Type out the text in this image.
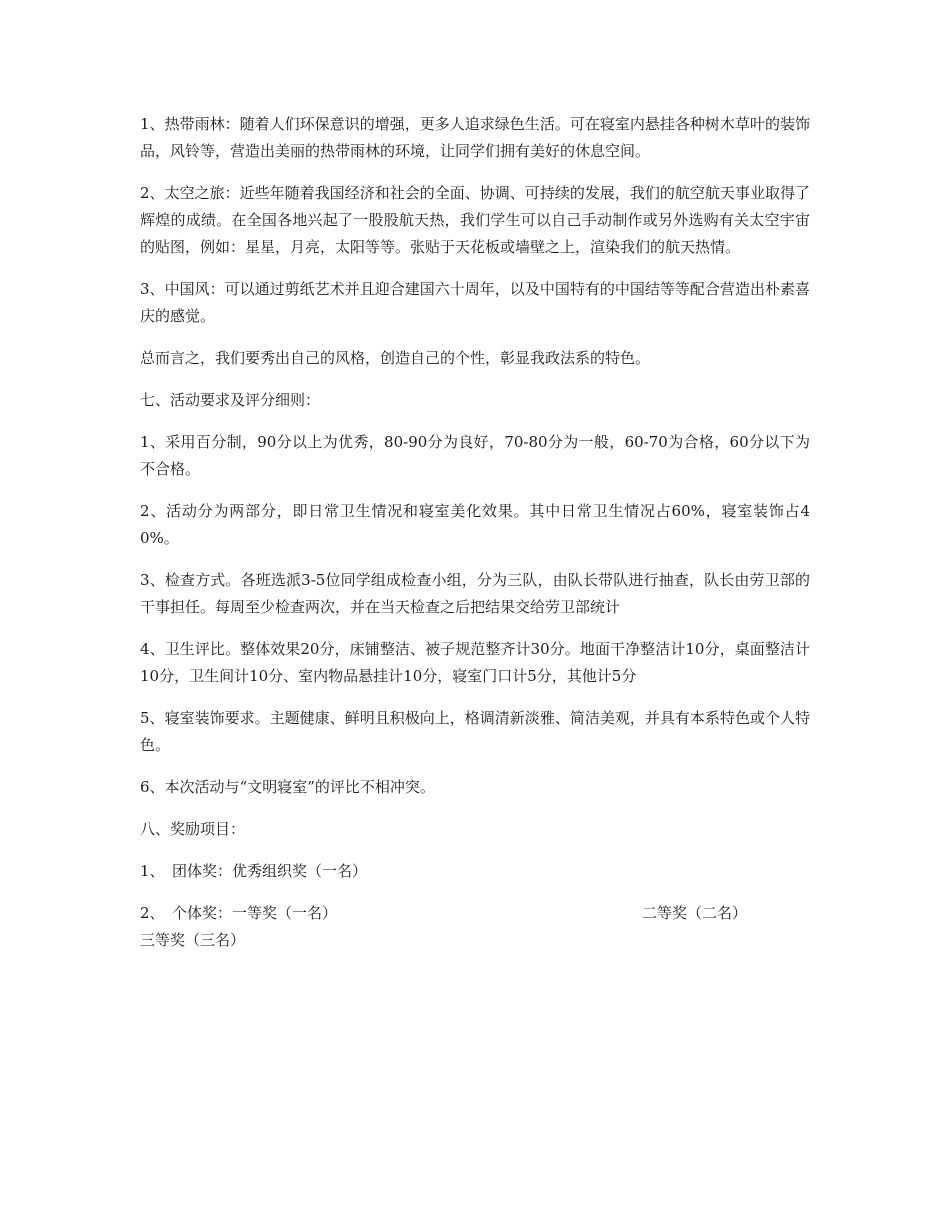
1、热带雨林：随着人们环保意识的增强，更多人追求绿色生活。可在寝室内悬挂各种树木草叶的装饰品，风铃等，营造出美丽的热带雨林的环境，让同学们拥有美好的休息空间。

2、太空之旅：近些年随着我国经济和社会的全面、协调、可持续的发展，我们的航空航天事业取得了辉煌的成绩。在全国各地兴起了一股股航天热，我们学生可以自己手动制作或另外选购有关太空宇宙的贴图，例如：星星，月亮，太阳等等。张贴于天花板或墙壁之上，渲染我们的航天热情。

3、中国风：可以通过剪纸艺术并且迎合建国六十周年，以及中国特有的中国结等等配合营造出朴素喜庆的感觉。

总而言之，我们要秀出自己的风格，创造自己的个性，彰显我政法系的特色。

七、活动要求及评分细则：

1、采用百分制，90分以上为优秀，80-90分为良好，70-80分为一般，60-70为合格，60分以下为不合格。

2、活动分为两部分，即日常卫生情况和寝室美化效果。其中日常卫生情况占60%，寝室装饰占40%。

3、检查方式。各班选派3-5位同学组成检查小组，分为三队，由队长带队进行抽查，队长由劳卫部的干事担任。每周至少检查两次，并在当天检查之后把结果交给劳卫部统计

4、卫生评比。整体效果20分，床铺整洁、被子规范整齐计30分。地面干净整洁计10分，桌面整洁计10分，卫生间计10分、室内物品悬挂计10分，寝室门口计5分，其他计5分

5、寝室装饰要求。主题健康、鲜明且积极向上，格调清新淡雅、简洁美观，并具有本系特色或个人特色。

6、本次活动与“文明寝室”的评比不相冲突。

八、奖励项目：

1、　团体奖：优秀组织奖（一名）

2、　个体奖：一等奖（一名）	二等奖（二名）

三等奖（三名）
